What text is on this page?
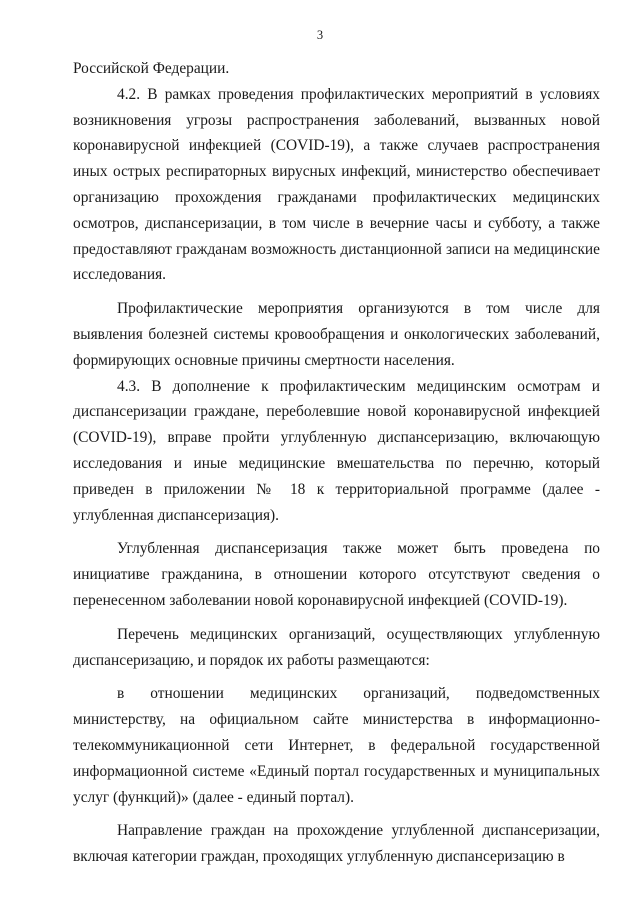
3

Российской Федерации.

4.2. В рамках проведения профилактических мероприятий в условиях возникновения угрозы распространения заболеваний, вызванных новой коронавирусной инфекцией (COVID-19), а также случаев распространения иных острых респираторных вирусных инфекций, министерство обеспечивает организацию прохождения гражданами профилактических медицинских осмотров, диспансеризации, в том числе в вечерние часы и субботу, а также предоставляют гражданам возможность дистанционной записи на медицинские исследования.

Профилактические мероприятия организуются в том числе для выявления болезней системы кровообращения и онкологических заболеваний, формирующих основные причины смертности населения.

4.3. В дополнение к профилактическим медицинским осмотрам и диспансеризации граждане, переболевшие новой коронавирусной инфекцией (COVID-19), вправе пройти углубленную диспансеризацию, включающую исследования и иные медицинские вмешательства по перечню, который приведен в приложении № 18 к территориальной программе (далее - углубленная диспансеризация).

Углубленная диспансеризация также может быть проведена по инициативе гражданина, в отношении которого отсутствуют сведения о перенесенном заболевании новой коронавирусной инфекцией (COVID-19).

Перечень медицинских организаций, осуществляющих углубленную диспансеризацию, и порядок их работы размещаются:

в отношении медицинских организаций, подведомственных министерству, на официальном сайте министерства в информационно-телекоммуникационной сети Интернет, в федеральной государственной информационной системе «Единый портал государственных и муниципальных услуг (функций)» (далее - единый портал).

Направление граждан на прохождение углубленной диспансеризации, включая категории граждан, проходящих углубленную диспансеризацию в
